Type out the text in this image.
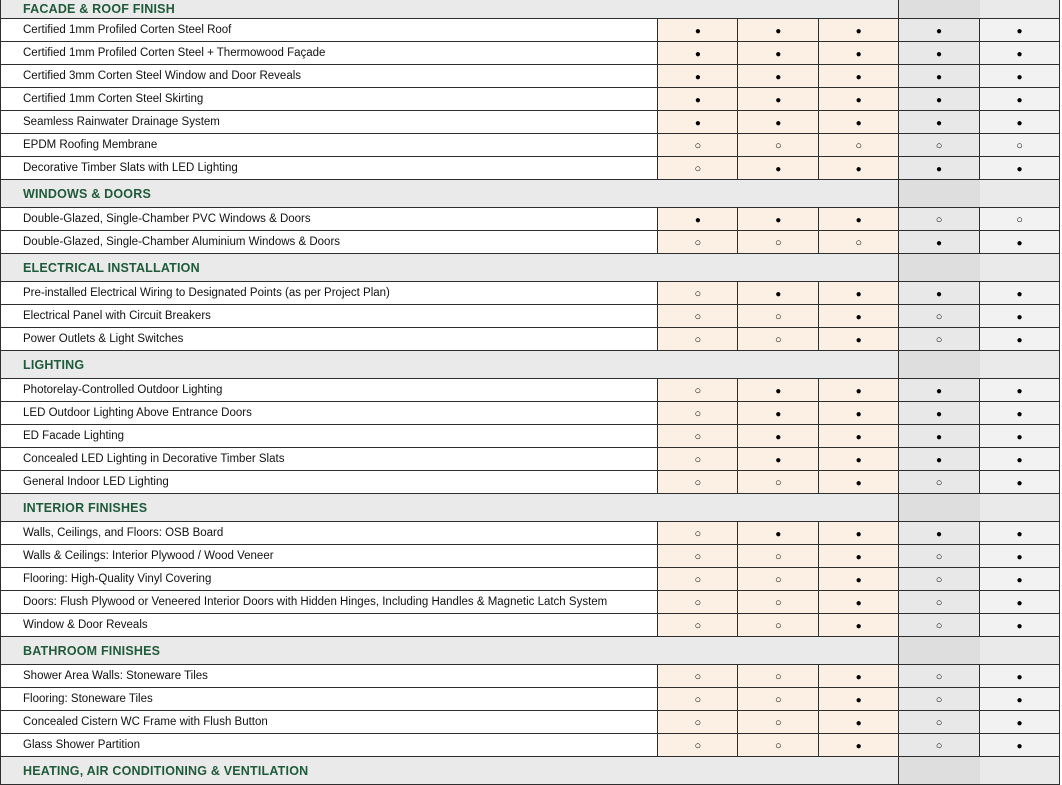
FACADE & ROOF FINISH					
Certified 1mm Profiled Corten Steel Roof	●	●	●	●	●
Certified 1mm Profiled Corten Steel + Thermowood Façade	●	●	●	●	●
Certified 3mm Corten Steel Window and Door Reveals	●	●	●	●	●
Certified 1mm Corten Steel Skirting	●	●	●	●	●
Seamless Rainwater Drainage System	●	●	●	●	●
EPDM Roofing Membrane	○	○	○	○	○
Decorative Timber Slats with LED Lighting	○	●	●	●	●
WINDOWS & DOORS					
Double-Glazed, Single-Chamber PVC Windows & Doors	●	●	●	○	○
Double-Glazed, Single-Chamber Aluminium Windows & Doors	○	○	○	●	●
ELECTRICAL INSTALLATION					
Pre-installed Electrical Wiring to Designated Points (as per Project Plan)	○	●	●	●	●
Electrical Panel with Circuit Breakers	○	○	●	○	●
Power Outlets & Light Switches	○	○	●	○	●
LIGHTING					
Photorelay-Controlled Outdoor Lighting	○	●	●	●	●
LED Outdoor Lighting Above Entrance Doors	○	●	●	●	●
ED Facade Lighting	○	●	●	●	●
Concealed LED Lighting in Decorative Timber Slats	○	●	●	●	●
General Indoor LED Lighting	○	○	●	○	●
INTERIOR FINISHES					
Walls, Ceilings, and Floors: OSB Board	○	●	●	●	●
Walls & Ceilings: Interior Plywood / Wood Veneer	○	○	●	○	●
Flooring: High-Quality Vinyl Covering	○	○	●	○	●
Doors: Flush Plywood or Veneered Interior Doors with Hidden Hinges, Including Handles & Magnetic Latch System	○	○	●	○	●
Window & Door Reveals	○	○	●	○	●
BATHROOM FINISHES					
Shower Area Walls: Stoneware Tiles	○	○	●	○	●
Flooring: Stoneware Tiles	○	○	●	○	●
Concealed Cistern WC Frame with Flush Button	○	○	●	○	●
Glass Shower Partition	○	○	●	○	●
HEATING, AIR CONDITIONING & VENTILATION					
